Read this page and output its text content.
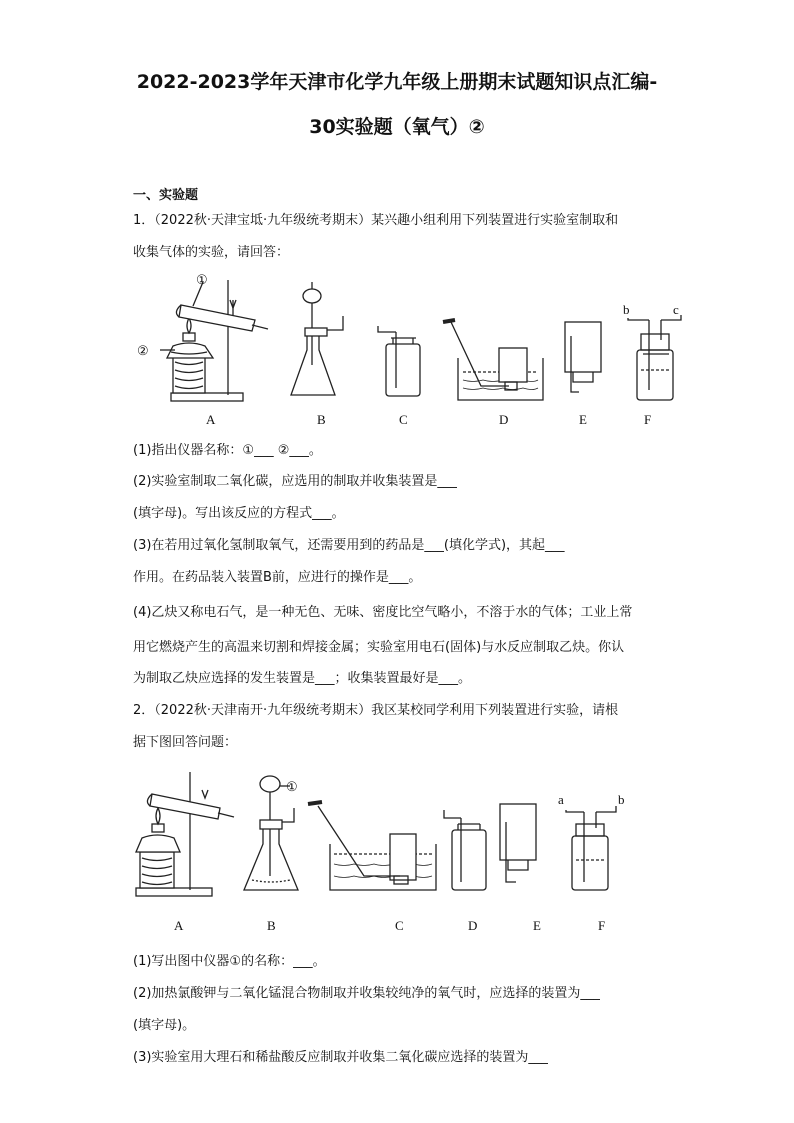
2022-2023学年天津市化学九年级上册期末试题知识点汇编-
30实验题（氧气）②
一、实验题
1．（2022秋·天津宝坻·九年级统考期末）某兴趣小组利用下列装置进行实验室制取和
收集气体的实验，请回答：
①
②
b	c
A	B	C	D	E	F
(1)指出仪器名称：①___ ②___。
(2)实验室制取二氧化碳，应选用的制取并收集装置是___
(填字母)。写出该反应的方程式___。
(3)在若用过氧化氢制取氧气，还需要用到的药品是___(填化学式)，其起___
作用。在药品装入装置B前，应进行的操作是___。
(4)乙炔又称电石气，是一种无色、无味、密度比空气略小，不溶于水的气体；工业上常
用它燃烧产生的高温来切割和焊接金属；实验室用电石(固体)与水反应制取乙炔。你认
为制取乙炔应选择的发生装置是___；收集装置最好是___。
2．（2022秋·天津南开·九年级统考期末）我区某校同学利用下列装置进行实验，请根
据下图回答问题：
①
a	b
A	B	C	D	E	F
(1)写出图中仪器①的名称：___。
(2)加热氯酸钾与二氧化锰混合物制取并收集较纯净的氧气时，应选择的装置为___
(填字母)。
(3)实验室用大理石和稀盐酸反应制取并收集二氧化碳应选择的装置为___
